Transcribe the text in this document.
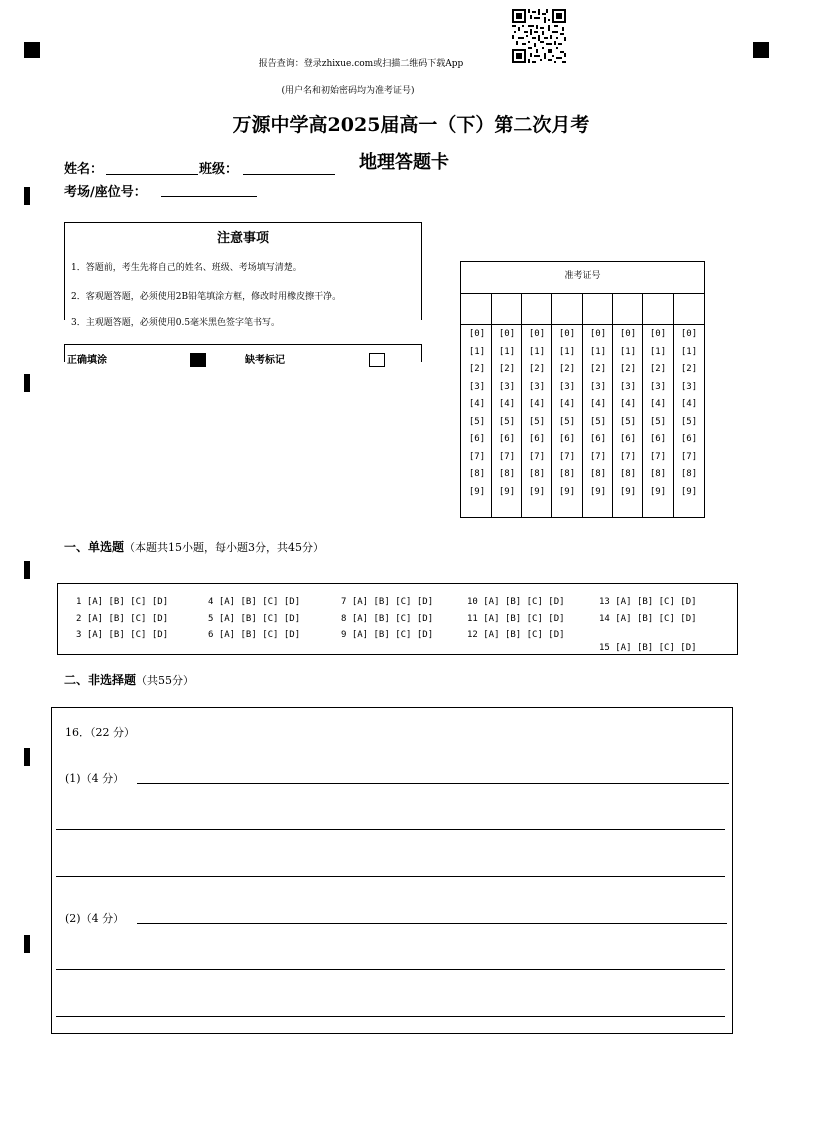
报告查询：登录zhixue.com或扫描二维码下载App
(用户名和初始密码均为准考证号)
万源中学高2025届高一（下）第二次月考
姓名：	班级：	地理答题卡
考场/座位号：
注意事项
1．答题前，考生先将自己的姓名、班级、考场填写清楚。
2．客观题答题，必须使用2B铅笔填涂方框，修改时用橡皮擦干净。
3．主观题答题，必须使用0.5毫米黑色签字笔书写。
正确填涂	缺考标记
准考证号
[0]	[0]	[0]	[0]	[0]	[0]	[0]	[0]
[1]	[1]	[1]	[1]	[1]	[1]	[1]	[1]
[2]	[2]	[2]	[2]	[2]	[2]	[2]	[2]
[3]	[3]	[3]	[3]	[3]	[3]	[3]	[3]
[4]	[4]	[4]	[4]	[4]	[4]	[4]	[4]
[5]	[5]	[5]	[5]	[5]	[5]	[5]	[5]
[6]	[6]	[6]	[6]	[6]	[6]	[6]	[6]
[7]	[7]	[7]	[7]	[7]	[7]	[7]	[7]
[8]	[8]	[8]	[8]	[8]	[8]	[8]	[8]
[9]	[9]	[9]	[9]	[9]	[9]	[9]	[9]
一、单选题（本题共15小题，每小题3分，共45分）
1 [A] [B] [C] [D]
2 [A] [B] [C] [D]
3 [A] [B] [C] [D]
4 [A] [B] [C] [D]
5 [A] [B] [C] [D]
6 [A] [B] [C] [D]
7 [A] [B] [C] [D]
8 [A] [B] [C] [D]
9 [A] [B] [C] [D]
10 [A] [B] [C] [D]
11 [A] [B] [C] [D]
12 [A] [B] [C] [D]
13 [A] [B] [C] [D]
14 [A] [B] [C] [D]
15 [A] [B] [C] [D]
二、非选择题（共55分）
16．（22 分）
(1)（4 分）
(2)（4 分）
